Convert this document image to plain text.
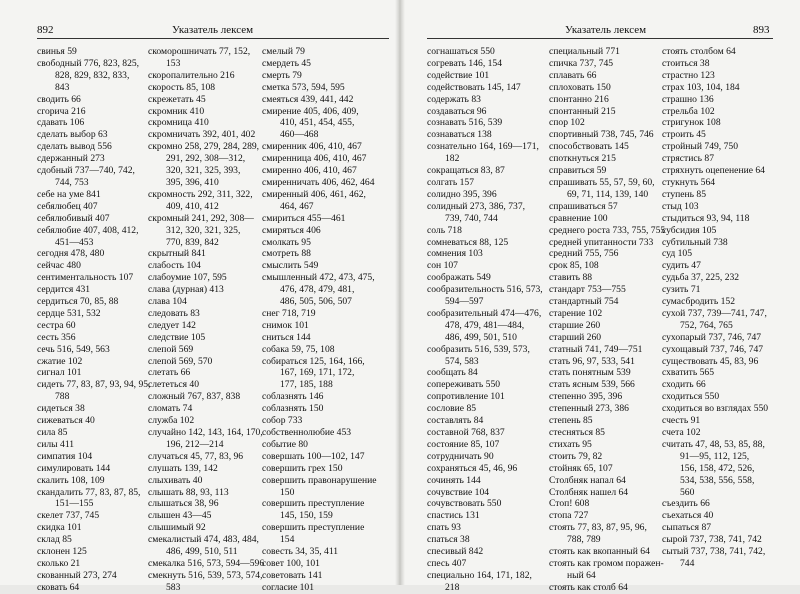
892	Указатель лексем
свинья 59
свободный 776, 823, 825,
828, 829, 832, 833,
843
сводить 66
сгорича 216
сдавать 106
сделать выбор 63
сделать вывод 556
сдержанный 273
сдобный 737—740, 742,
744, 753
себе на уме 841
себялюбец 407
себялюбивый 407
себялюбие 407, 408, 412,
451—453
сегодня 478, 480
сейчас 480
сентиментальность 107
сердится 431
сердиться 70, 85, 88
сердце 531, 532
сестра 60
сесть 356
сечь 516, 549, 563
сжатие 102
сигнал 101
сидеть 77, 83, 87, 93, 94, 95,
788
сидеться 38
сижеваться 40
сила 85
силы 411
симпатия 104
симулировать 144
скалить 108, 109
скандалить 77, 83, 87, 85,
151—155
скелет 737, 745
скидка 101
склад 85
склонен 125
сколько 21
скованный 273, 274
сковать 64
скоморошничать 77, 152,
153
скоропалительно 216
скорость 85, 108
скрежетать 45
скромник 410
скромница 410
скромничать 392, 401, 402
скромно 258, 279, 284, 289,
291, 292, 308—312,
320, 321, 325, 393,
395, 396, 410
скромность 292, 311, 322,
409, 410, 412
скромный 241, 292, 308—
312, 320, 321, 325,
770, 839, 842
скрытный 841
слабость 104
слабоумие 107, 595
слава (дурная) 413
слава 104
следовать 83
следует 142
следствие 105
слепой 569
слепой 569, 570
слетать 66
слететься 40
сложный 767, 837, 838
сломать 74
служба 102
случайно 142, 143, 164, 170,
196, 212—214
случаться 45, 77, 83, 96
слушать 139, 142
слыхивать 40
слышать 88, 93, 113
слышаться 38, 96
слышен 43—45
слышимый 92
смекалистый 474, 483, 484,
486, 499, 510, 511
смекалка 516, 573, 594—596
смекнуть 516, 539, 573, 574,
583
смелый 79
смердеть 45
смерть 79
сметка 573, 594, 595
смеяться 439, 441, 442
смирение 405, 406, 409,
410, 451, 454, 455,
460—468
смиренник 406, 410, 467
смиренница 406, 410, 467
смиренно 406, 410, 467
смиренничать 406, 462, 464
смиренный 406, 461, 462,
464, 467
смириться 455—461
смиряться 406
смолкать 95
смотреть 88
смыслить 549
смышленный 472, 473, 475,
476, 478, 479, 481,
486, 505, 506, 507
снег 718, 719
снимок 101
сниться 144
собака 59, 75, 108
собираться 125, 164, 166,
167, 169, 171, 172,
177, 185, 188
соблазнять 146
соблазнять 150
собор 733
собственнолюбие 453
событие 80
совершать 100—102, 147
совершить грех 150
совершить правонарушение
150
совершить преступление
145, 150, 159
совершить преступление
154
совесть 34, 35, 411
совет 100, 101
советовать 141
согласие 101
Указатель лексем	893
согнашаться 550
согревать 146, 154
содействие 101
содействовать 145, 147
содержать 83
создаваться 96
сознавать 516, 539
сознаваться 138
сознательно 164, 169—171,
182
сокращаться 83, 87
солгать 157
солидно 395, 396
солидный 273, 386, 737,
739, 740, 744
соль 718
сомневаться 88, 125
сомнения 103
сон 107
соображать 549
сообразительность 516, 573,
594—597
сообразительный 474—476,
478, 479, 481—484,
486, 499, 501, 510
сообразить 516, 539, 573,
574, 583
сообщать 84
сопереживать 550
сопротивление 101
сословие 85
составлять 84
составной 768, 837
состояние 85, 107
сотрудничать 90
сохраняться 45, 46, 96
сочинять 144
сочувствие 104
сочувствовать 550
спастись 131
спать 93
спаться 38
спесивый 842
спесь 407
специально 164, 171, 182,
218
специальный 771
спичка 737, 745
сплавать 66
сплоховать 150
спонтанно 216
спонтанный 215
спор 102
спортивный 738, 745, 746
способствовать 145
споткнуться 215
справиться 59
спрашивать 55, 57, 59, 60,
69, 71, 114, 139, 140
спрашиваться 57
сравнение 100
среднего роста 733, 755, 755
средней упитанности 733
средний 755, 756
срок 85, 108
ставить 88
стандарт 753—755
стандартный 754
старение 102
старшие 260
старший 260
статный 741, 749—751
стать 96, 97, 533, 541
стать понятным 539
стать ясным 539, 566
степенно 395, 396
степенный 273, 386
степень 85
стесняться 85
стихать 95
стоить 79, 82
стойняк 65, 107
Столбняк напал 64
Столбняк нашел 64
Стоп! 608
стопа 727
стоять 77, 83, 87, 95, 96,
788, 789
стоять как вкопанный 64
стоять как громом поражен-
ный 64
стоять как столб 64
стоять столбом 64
стоиться 38
страстно 123
страх 103, 104, 184
страшно 136
стрельба 102
стригунок 108
строить 45
стройный 749, 750
стрястись 87
стряхнуть оцепенение 64
стукнуть 564
ступень 85
стыд 103
стыдиться 93, 94, 118
субсидия 105
субтильный 738
суд 105
судить 47
судьба 37, 225, 232
сузить 71
сумасбродить 152
сухой 737, 739—741, 747,
752, 764, 765
сухопарый 737, 746, 747
сухощавый 737, 746, 747
существовать 45, 83, 96
схватить 565
сходить 66
сходиться 550
сходиться во взглядах 550
счесть 91
счета 102
считать 47, 48, 53, 85, 88,
91—95, 112, 125,
156, 158, 472, 526,
534, 538, 556, 558,
560
съездить 66
съехаться 40
сыпаться 87
сырой 737, 738, 741, 742
сытый 737, 738, 741, 742,
744
